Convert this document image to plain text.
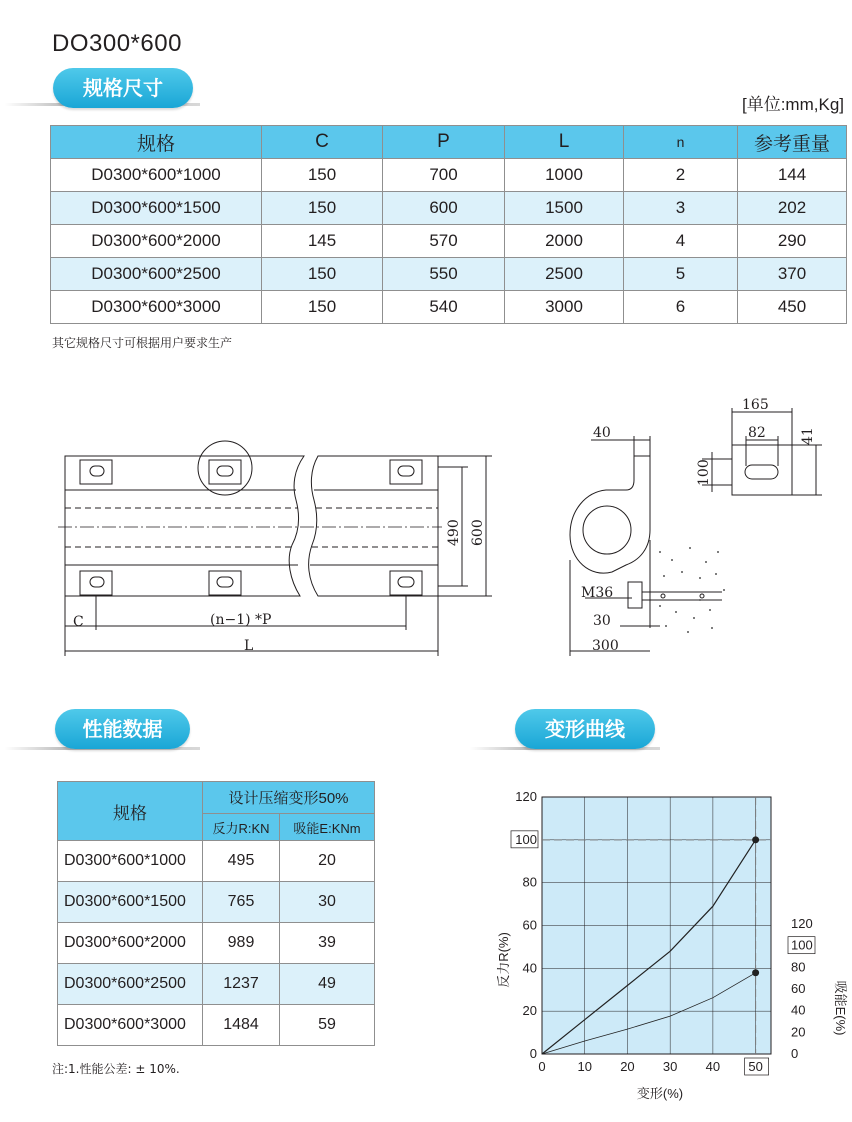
DO300*600
规格尺寸
[单位:mm,Kg]
规格	C	P	L	n	参考重量
D0300*600*1000	150	700	1000	2	144
D0300*600*1500	150	600	1500	3	202
D0300*600*2000	145	570	2000	4	290
D0300*600*2500	150	550	2500	5	370
D0300*600*3000	150	540	3000	6	450
其它规格尺寸可根据用户要求生产
C	(n−1) *P
L
490 600
40
165
82 41
100
M36
30
300
性能数据	变形曲线
规格	设计压缩变形50%	
	反力R:KN	吸能E:KNm
D0300*600*1000	495	20
D0300*600*1500	765	30
D0300*600*2000	989	39
D0300*600*2500	1237	49
D0300*600*3000	1484	59
注:1.性能公差: ± 10%.	0 10 20 30 40 50
0
20
40
60
80
100
120
0
20
40
60
80
100
120
变形(%)
反力R(%)
吸能E(%)
